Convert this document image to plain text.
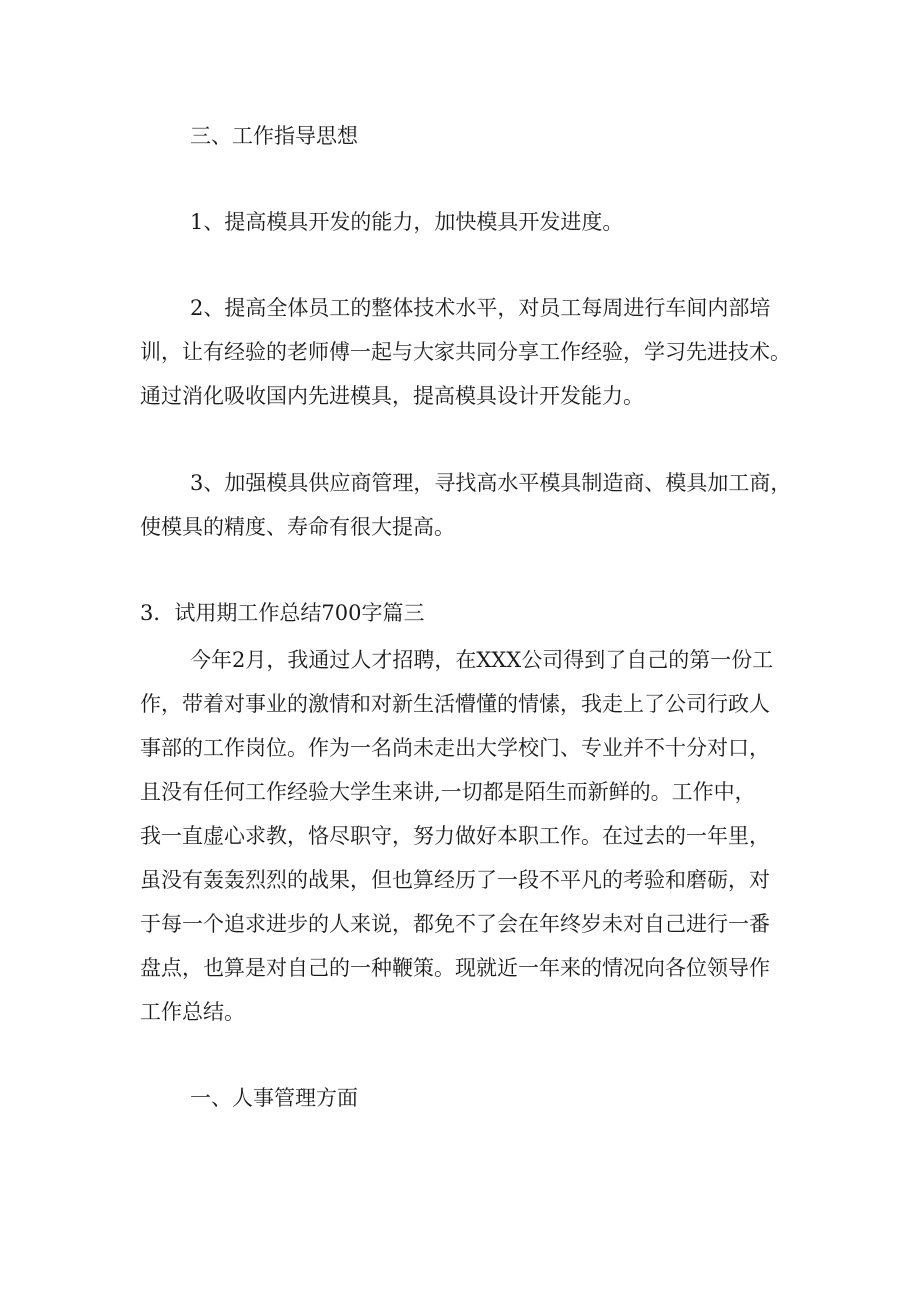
三、工作指导思想
1、提高模具开发的能力，加快模具开发进度。
2、提高全体员工的整体技术水平，对员工每周进行车间内部培
训，让有经验的老师傅一起与大家共同分享工作经验，学习先进技术。
通过消化吸收国内先进模具，提高模具设计开发能力。
3、加强模具供应商管理，寻找高水平模具制造商、模具加工商，
使模具的精度、寿命有很大提高。
3．试用期工作总结700字篇三
今年2月，我通过人才招聘，在XXX公司得到了自己的第一份工
作，带着对事业的激情和对新生活懵懂的情愫，我走上了公司行政人
事部的工作岗位。作为一名尚未走出大学校门、专业并不十分对口，
且没有任何工作经验大学生来讲,一切都是陌生而新鲜的。工作中，
我一直虚心求教，恪尽职守，努力做好本职工作。在过去的一年里，
虽没有轰轰烈烈的战果，但也算经历了一段不平凡的考验和磨砺，对
于每一个追求进步的人来说，都免不了会在年终岁未对自己进行一番
盘点，也算是对自己的一种鞭策。现就近一年来的情况向各位领导作
工作总结。
一、人事管理方面
